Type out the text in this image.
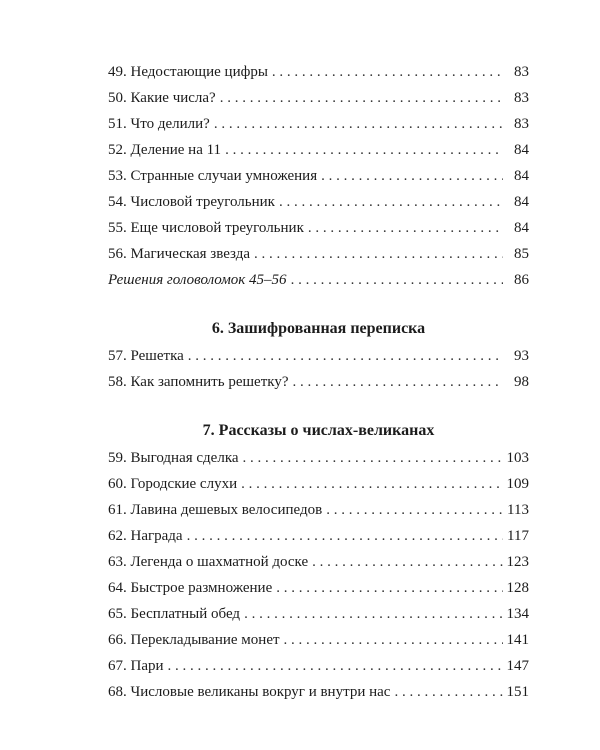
49. Недостающие цифры . . .	83
50. Какие числа? . . .	83
51. Что делили? . . .	83
52. Деление на 11 . . .	84
53. Странные случаи умножения . . .	84
54. Числовой треугольник . . .	84
55. Еще числовой треугольник . . .	84
56. Магическая звезда . . .	85
Решения головоломок 45–56 . . .	86
6. Зашифрованная переписка
57. Решетка . . .	93
58. Как запомнить решетку? . . .	98
7. Рассказы о числах-великанах
59. Выгодная сделка . . .	103
60. Городские слухи . . .	109
61. Лавина дешевых велосипедов . . .	113
62. Награда . . .	117
63. Легенда о шахматной доске . . .	123
64. Быстрое размножение . . .	128
65. Бесплатный обед . . .	134
66. Перекладывание монет . . .	141
67. Пари . . .	147
68. Числовые великаны вокруг и внутри нас . . .	151
